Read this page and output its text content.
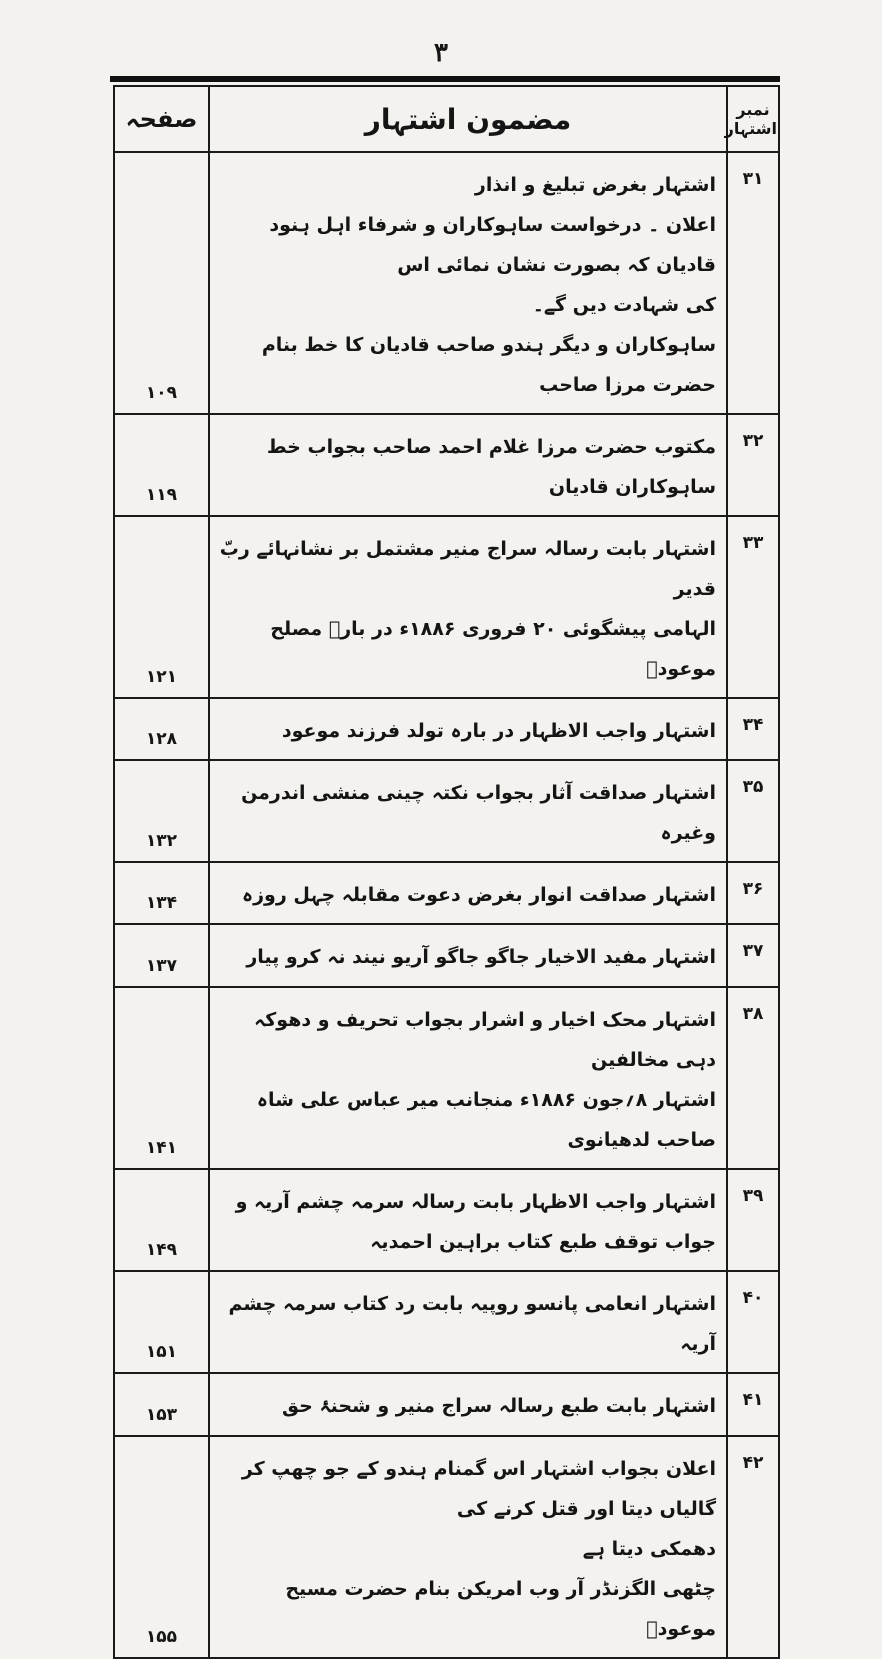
۳
نمبر اشتہار	مضمون اشتہار	صفحہ
۳۱	اشتہار بغرض تبلیغ و انذار
اعلان ۔ درخواست ساہوکاران و شرفاء اہل ہنود قادیان کہ بصورت نشان نمائی اس
کی شہادت دیں گے۔
ساہوکاران و دیگر ہندو صاحب قادیان کا خط بنام حضرت مرزا صاحب	۱۰۹
۳۲	مکتوب حضرت مرزا غلام احمد صاحب بجواب خط ساہوکاران قادیان	۱۱۹
۳۳	اشتہار بابت رسالہ سراج منیر مشتمل بر نشانہائے ربّ قدیر
الہامی پیشگوئی ۲۰ فروری ۱۸۸۶ء در بارہ مصلح موعودؑ	۱۲۱
۳۴	اشتہار واجب الاظہار در بارہ تولد فرزند موعود	۱۲۸
۳۵	اشتہار صداقت آثار بجواب نکتہ چینی منشی اندرمن وغیرہ	۱۳۲
۳۶	اشتہار صداقت انوار بغرض دعوت مقابلہ چہل روزہ	۱۳۴
۳۷	اشتہار مفید الاخیار جاگو جاگو آریو نیند نہ کرو پیار	۱۳۷
۳۸	اشتہار محک اخیار و اشرار بجواب تحریف و دھوکہ دہی مخالفین
اشتہار ۸؍جون ۱۸۸۶ء منجانب میر عباس علی شاہ صاحب لدھیانوی	۱۴۱
۳۹	اشتہار واجب الاظہار بابت رسالہ سرمہ چشم آریہ و جواب توقف طبع کتاب براہین احمدیہ	۱۴۹
۴۰	اشتہار انعامی پانسو روپیہ بابت رد کتاب سرمہ چشم آریہ	۱۵۱
۴۱	اشتہار بابت طبع رسالہ سراج منیر و شحنۂ حق	۱۵۳
۴۲	اعلان بجواب اشتہار اس گمنام ہندو کے جو چھپ کر گالیاں دیتا اور قتل کرنے کی
دھمکی دیتا ہے
چٹھی الگزنڈر آر وب امریکن بنام حضرت مسیح موعودؑ	۱۵۵
